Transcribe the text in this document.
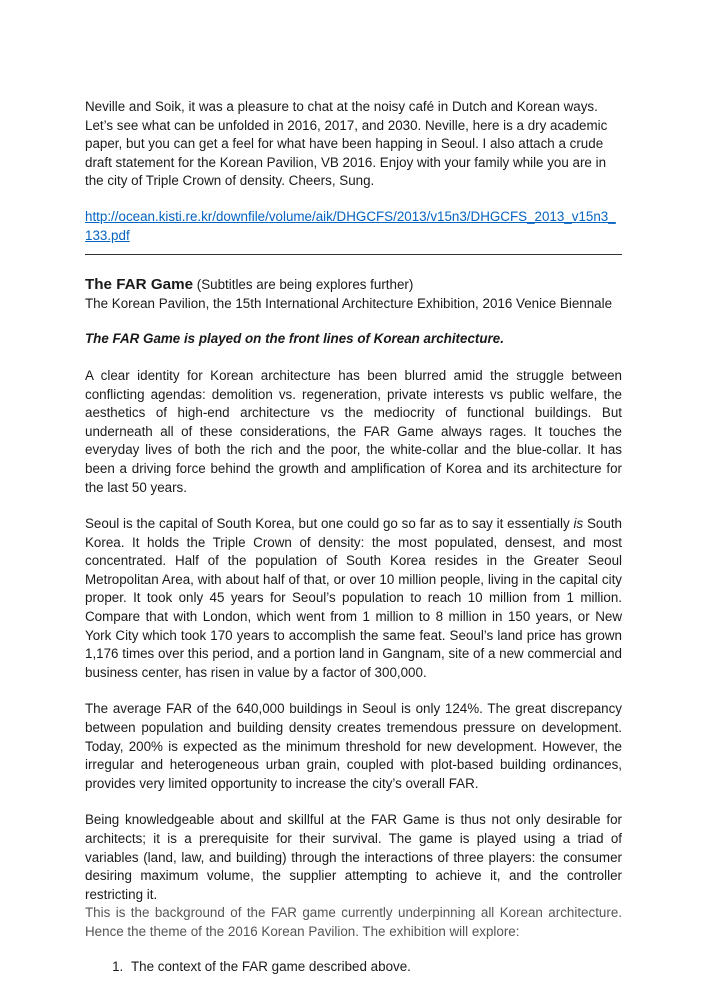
Neville and Soik, it was a pleasure to chat at the noisy café in Dutch and Korean ways. Let’s see what can be unfolded in 2016, 2017, and 2030. Neville, here is a dry academic paper, but you can get a feel for what have been happing in Seoul. I also attach a crude draft statement for the Korean Pavilion, VB 2016. Enjoy with your family while you are in the city of Triple Crown of density. Cheers, Sung.

http://ocean.kisti.re.kr/downfile/volume/aik/DHGCFS/2013/v15n3/DHGCFS_2013_v15n3_133.pdf
The FAR Game (Subtitles are being explores further)
The Korean Pavilion, the 15th International Architecture Exhibition, 2016 Venice Biennale

The FAR Game is played on the front lines of Korean architecture.

A clear identity for Korean architecture has been blurred amid the struggle between conflicting agendas: demolition vs. regeneration, private interests vs public welfare, the aesthetics of high-end architecture vs the mediocrity of functional buildings. But underneath all of these considerations, the FAR Game always rages. It touches the everyday lives of both the rich and the poor, the white-collar and the blue-collar. It has been a driving force behind the growth and amplification of Korea and its architecture for the last 50 years.

Seoul is the capital of South Korea, but one could go so far as to say it essentially is South Korea. It holds the Triple Crown of density: the most populated, densest, and most concentrated. Half of the population of South Korea resides in the Greater Seoul Metropolitan Area, with about half of that, or over 10 million people, living in the capital city proper. It took only 45 years for Seoul’s population to reach 10 million from 1 million. Compare that with London, which went from 1 million to 8 million in 150 years, or New York City which took 170 years to accomplish the same feat. Seoul’s land price has grown 1,176 times over this period, and a portion land in Gangnam, site of a new commercial and business center, has risen in value by a factor of 300,000.

The average FAR of the 640,000 buildings in Seoul is only 124%. The great discrepancy between population and building density creates tremendous pressure on development. Today, 200% is expected as the minimum threshold for new development. However, the irregular and heterogeneous urban grain, coupled with plot-based building ordinances, provides very limited opportunity to increase the city’s overall FAR.

Being knowledgeable about and skillful at the FAR Game is thus not only desirable for architects; it is a prerequisite for their survival. The game is played using a triad of variables (land, law, and building) through the interactions of three players: the consumer desiring maximum volume, the supplier attempting to achieve it, and the controller restricting it.

This is the background of the FAR game currently underpinning all Korean architecture. Hence the theme of the 2016 Korean Pavilion. The exhibition will explore:

1. The context of the FAR game described above.
